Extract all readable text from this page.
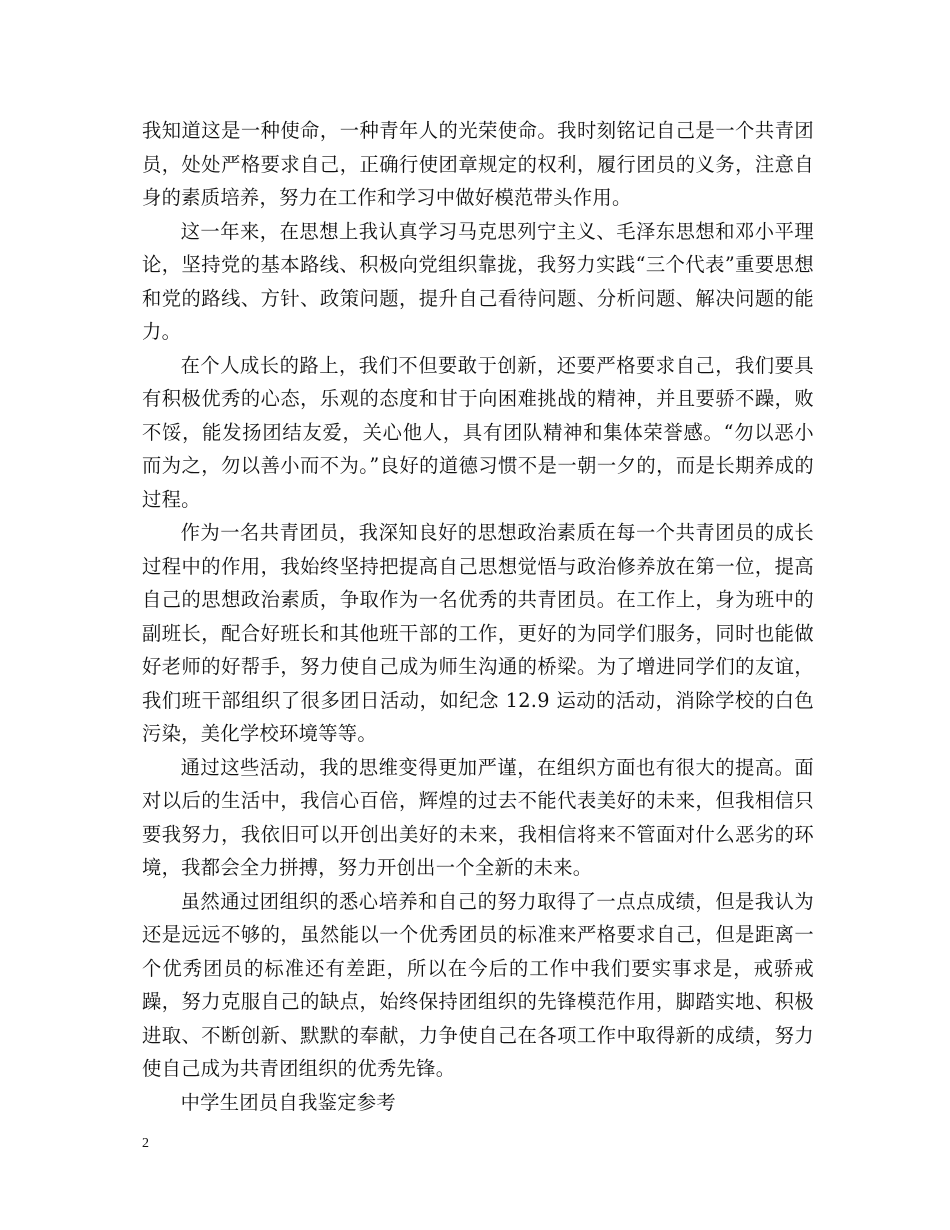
我知道这是一种使命，一种青年人的光荣使命。我时刻铭记自己是一个共青团员，处处严格要求自己，正确行使团章规定的权利，履行团员的义务，注意自身的素质培养，努力在工作和学习中做好模范带头作用。

这一年来，在思想上我认真学习马克思列宁主义、毛泽东思想和邓小平理论，坚持党的基本路线、积极向党组织靠拢，我努力实践“三个代表”重要思想和党的路线、方针、政策问题，提升自己看待问题、分析问题、解决问题的能力。

在个人成长的路上，我们不但要敢于创新，还要严格要求自己，我们要具有积极优秀的心态，乐观的态度和甘于向困难挑战的精神，并且要骄不躁，败不馁，能发扬团结友爱，关心他人，具有团队精神和集体荣誉感。“勿以恶小而为之，勿以善小而不为。”良好的道德习惯不是一朝一夕的，而是长期养成的过程。

作为一名共青团员，我深知良好的思想政治素质在每一个共青团员的成长过程中的作用，我始终坚持把提高自己思想觉悟与政治修养放在第一位，提高自己的思想政治素质，争取作为一名优秀的共青团员。在工作上，身为班中的副班长，配合好班长和其他班干部的工作，更好的为同学们服务，同时也能做好老师的好帮手，努力使自己成为师生沟通的桥梁。为了增进同学们的友谊，我们班干部组织了很多团日活动，如纪念 12.9 运动的活动，消除学校的白色污染，美化学校环境等等。

通过这些活动，我的思维变得更加严谨，在组织方面也有很大的提高。面对以后的生活中，我信心百倍，辉煌的过去不能代表美好的未来，但我相信只要我努力，我依旧可以开创出美好的未来，我相信将来不管面对什么恶劣的环境，我都会全力拼搏，努力开创出一个全新的未来。

虽然通过团组织的悉心培养和自己的努力取得了一点点成绩，但是我认为还是远远不够的，虽然能以一个优秀团员的标准来严格要求自己，但是距离一个优秀团员的标准还有差距，所以在今后的工作中我们要实事求是，戒骄戒躁，努力克服自己的缺点，始终保持团组织的先锋模范作用，脚踏实地、积极进取、不断创新、默默的奉献，力争使自己在各项工作中取得新的成绩，努力使自己成为共青团组织的优秀先锋。

中学生团员自我鉴定参考

2
